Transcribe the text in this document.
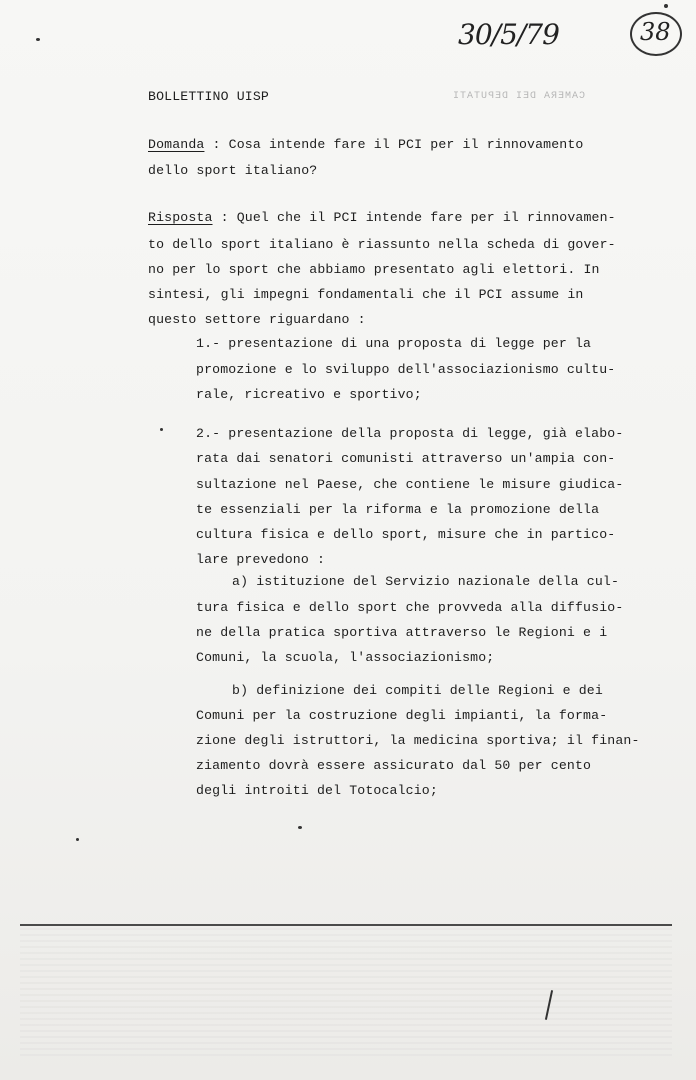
30/5/79	38
CAMERA DEI DEPUTATI
BOLLETTINO UISP
Domanda : Cosa intende fare il PCI per il rinnovamento
dello sport italiano?
Risposta : Quel che il PCI intende fare per il rinnovamen-
to dello sport italiano è riassunto nella scheda di gover-
no per lo sport che abbiamo presentato agli elettori. In
sintesi, gli impegni fondamentali che il PCI assume in
questo settore riguardano :
1.- presentazione di una proposta di legge per la
promozione e lo sviluppo dell'associazionismo cultu-
rale, ricreativo e sportivo;
2.- presentazione della proposta di legge, già elabo-
rata dai senatori comunisti attraverso un'ampia con-
sultazione nel Paese, che contiene le misure giudica-
te essenziali per la riforma e la promozione della
cultura fisica e dello sport, misure che in partico-
lare prevedono :
a) istituzione del Servizio nazionale della cul-
tura fisica e dello sport che provveda alla diffusio-
ne della pratica sportiva attraverso le Regioni e i
Comuni, la scuola, l'associazionismo;
b) definizione dei compiti delle Regioni e dei
Comuni per la costruzione degli impianti, la forma-
zione degli istruttori, la medicina sportiva; il finan-
ziamento dovrà essere assicurato dal 50 per cento
degli introiti del Totocalcio;
